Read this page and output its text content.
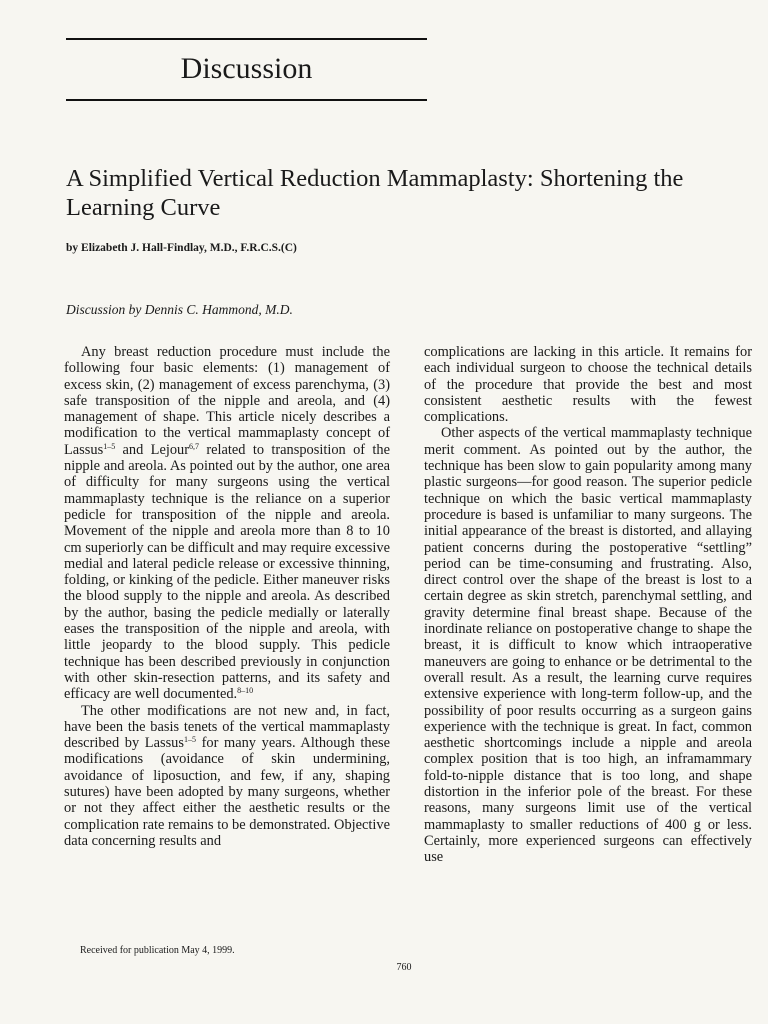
Discussion
A Simplified Vertical Reduction Mammaplasty: Shortening the Learning Curve

by Elizabeth J. Hall-Findlay, M.D., F.R.C.S.(C)

Discussion by Dennis C. Hammond, M.D.

Any breast reduction procedure must include the following four basic elements: (1) management of excess skin, (2) management of excess parenchyma, (3) safe transposition of the nipple and areola, and (4) management of shape. This article nicely describes a modification to the vertical mammaplasty concept of Lassus$^{1-5}$ and Lejour$^{6,7}$ related to transposition of the nipple and areola. As pointed out by the author, one area of difficulty for many surgeons using the vertical mammaplasty technique is the reliance on a superior pedicle for transposition of the nipple and areola. Movement of the nipple and areola more than 8 to 10 cm superiorly can be difficult and may require excessive medial and lateral pedicle release or excessive thinning, folding, or kinking of the pedicle. Either maneuver risks the blood supply to the nipple and areola. As described by the author, basing the pedicle medially or laterally eases the transposition of the nipple and areola, with little jeopardy to the blood supply. This pedicle technique has been described previously in conjunction with other skin-resection patterns, and its safety and efficacy are well documented.$^{8-10}$

The other modifications are not new and, in fact, have been the basis tenets of the vertical mammaplasty described by Lassus$^{1-5}$ for many years. Although these modifications (avoidance of skin undermining, avoidance of liposuction, and few, if any, shaping sutures) have been adopted by many surgeons, whether or not they affect either the aesthetic results or the complication rate remains to be demonstrated. Objective data concerning results and

complications are lacking in this article. It remains for each individual surgeon to choose the technical details of the procedure that provide the best and most consistent aesthetic results with the fewest complications.

Other aspects of the vertical mammaplasty technique merit comment. As pointed out by the author, the technique has been slow to gain popularity among many plastic surgeons—for good reason. The superior pedicle technique on which the basic vertical mammaplasty procedure is based is unfamiliar to many surgeons. The initial appearance of the breast is distorted, and allaying patient concerns during the postoperative “settling” period can be time-consuming and frustrating. Also, direct control over the shape of the breast is lost to a certain degree as skin stretch, parenchymal settling, and gravity determine final breast shape. Because of the inordinate reliance on postoperative change to shape the breast, it is difficult to know which intraoperative maneuvers are going to enhance or be detrimental to the overall result. As a result, the learning curve requires extensive experience with long-term follow-up, and the possibility of poor results occurring as a surgeon gains experience with the technique is great. In fact, common aesthetic shortcomings include a nipple and areola complex position that is too high, an inframammary fold-to-nipple distance that is too long, and shape distortion in the inferior pole of the breast. For these reasons, many surgeons limit use of the vertical mammaplasty to smaller reductions of 400 g or less. Certainly, more experienced surgeons can effectively use

Received for publication May 4, 1999.

760
